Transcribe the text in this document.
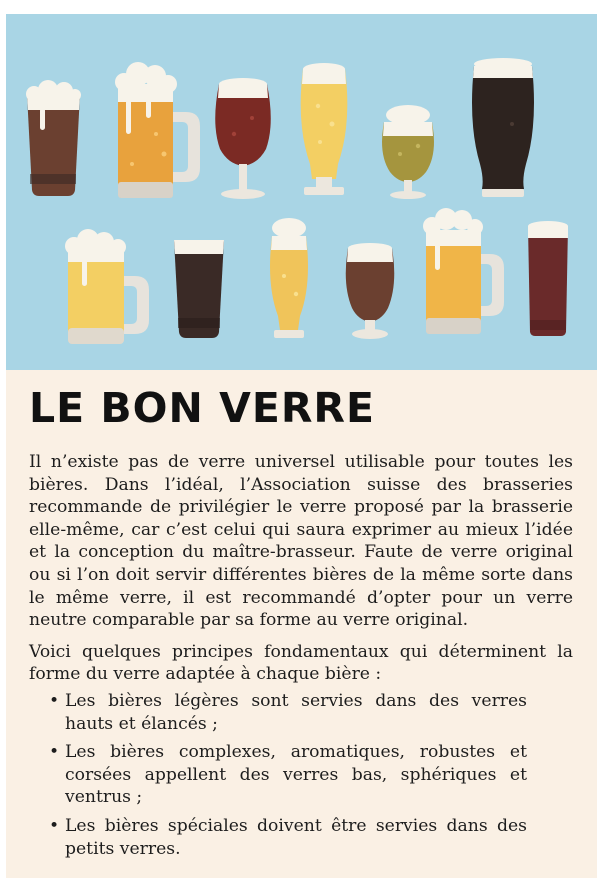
LE BON VERRE

Il n’existe pas de verre universel utilisable pour toutes les bières. Dans l’idéal, l’Association suisse des brasseries recommande de privilégier le verre proposé par la brasserie elle-même, car c’est celui qui saura exprimer au mieux l’idée et la conception du maître-brasseur. Faute de verre original ou si l’on doit servir différentes bières de la même sorte dans le même verre, il est recommandé d’opter pour un verre neutre comparable par sa forme au verre original.

Voici quelques principes fondamentaux qui déterminent la forme du verre adaptée à chaque bière :

• Les bières légères sont servies dans des verres hauts et élancés ;
• Les bières complexes, aromatiques, robustes et corsées appellent des verres bas, sphériques et ventrus ;
• Les bières spéciales doivent être servies dans des petits verres.
